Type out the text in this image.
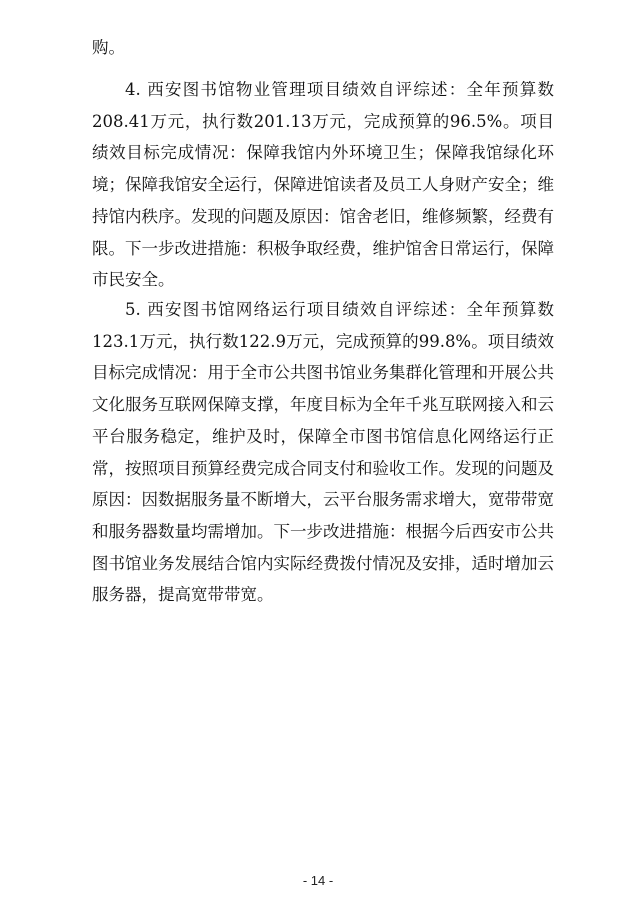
购。

4. 西安图书馆物业管理项目绩效自评综述：全年预算数208.41万元，执行数201.13万元，完成预算的96.5%。项目绩效目标完成情况：保障我馆内外环境卫生；保障我馆绿化环境；保障我馆安全运行，保障进馆读者及员工人身财产安全；维持馆内秩序。发现的问题及原因：馆舍老旧，维修频繁，经费有限。下一步改进措施：积极争取经费，维护馆舍日常运行，保障市民安全。

5. 西安图书馆网络运行项目绩效自评综述：全年预算数123.1万元，执行数122.9万元，完成预算的99.8%。项目绩效目标完成情况：用于全市公共图书馆业务集群化管理和开展公共文化服务互联网保障支撑，年度目标为全年千兆互联网接入和云平台服务稳定，维护及时，保障全市图书馆信息化网络运行正常，按照项目预算经费完成合同支付和验收工作。发现的问题及原因：因数据服务量不断增大，云平台服务需求增大，宽带带宽和服务器数量均需增加。下一步改进措施：根据今后西安市公共图书馆业务发展结合馆内实际经费拨付情况及安排，适时增加云服务器，提高宽带带宽。

- 14 -
